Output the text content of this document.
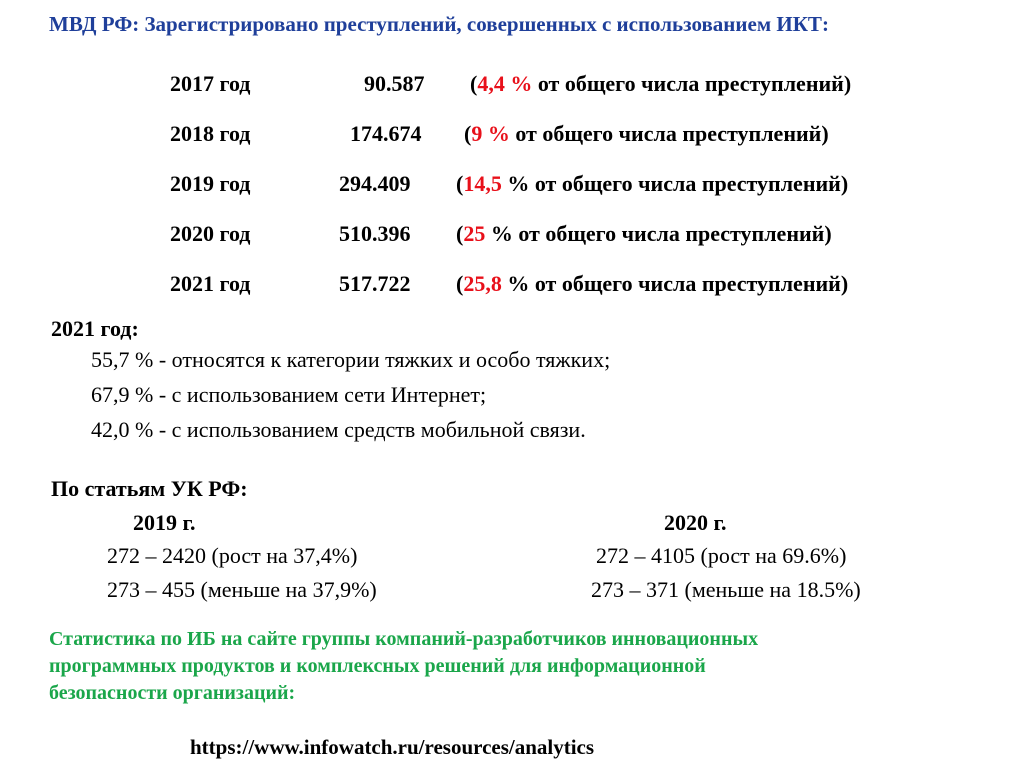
МВД РФ: Зарегистрировано преступлений, совершенных с использованием ИКТ:
2017 год	90.587 (4,4 % от общего числа преступлений)
2018 год	174.674 (9 % от общего числа преступлений)
2019 год	294.409 (14,5 % от общего числа преступлений)
2020 год	510.396 (25 % от общего числа преступлений)
2021 год	517.722 (25,8 % от общего числа преступлений)
2021 год:
55,7 % - относятся к категории тяжких и особо тяжких;
67,9 % - с использованием сети Интернет;
42,0 % - с использованием средств мобильной связи.
По статьям УК РФ:
2019 г.	2020 г.
272 – 2420 (рост на 37,4%)	272 – 4105 (рост на 69.6%)
273 – 455 (меньше на 37,9%)	273 – 371 (меньше на 18.5%)
Статистика по ИБ на сайте группы компаний-разработчиков инновационных
программных продуктов и комплексных решений для информационной
безопасности организаций:
https://www.infowatch.ru/resources/analytics
